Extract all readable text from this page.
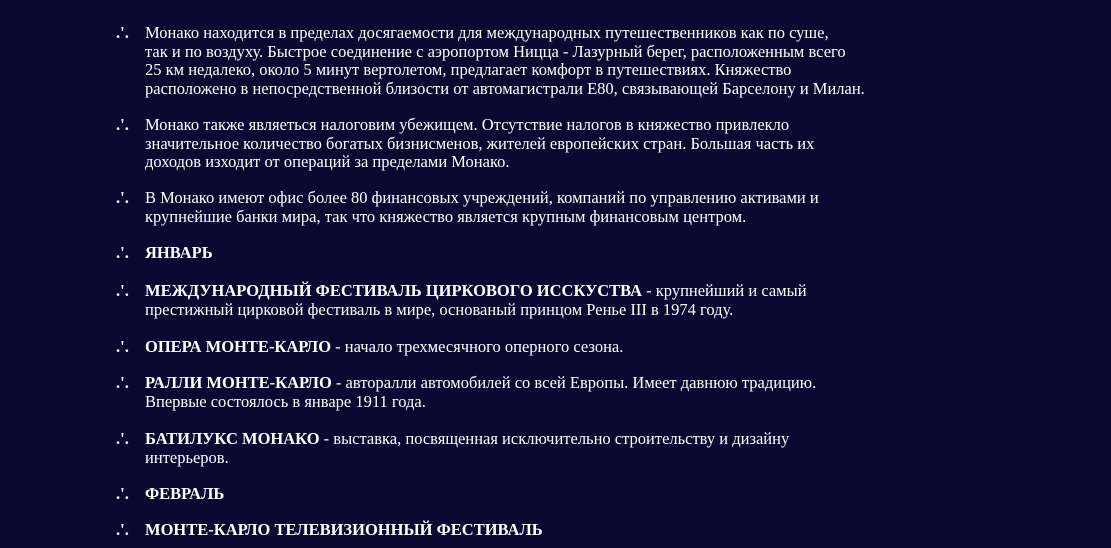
.'. Монако находится в пределах досягаемости для международных путешественников как по суше,
так и по воздуху. Быстрое соединение с аэропортом Ницца - Лазурный берег, расположенным всего
25 км недалеко, около 5 минут вертолетом, предлагает комфорт в путешествиях. Княжество
расположено в непосредственной близости от автомагистрали E80, связывающей Барселону и Милан.
.'. Монако также являеться налоговим убежищем. Отсутствие налогов в княжество привлекло
значительное количество богатых бизнисменов, жителей европейских стран. Большая часть их
доходов изходит от операций за пределами Монако.
.'. В Монако имеют офис более 80 финансовых учреждений, компаний по управлению активами и
крупнейшие банки мира, так что княжество является крупным финансовым центром.
.'. ЯНВАРЬ
.'. МЕЖДУНАРОДНЫЙ ФЕСТИВАЛЬ ЦИРКОВОГО ИССКУСТВА - крупнейший и самый
престижный цирковой фестиваль в мире, основаный принцом Ренье III в 1974 году.
.'. ОПЕРА МОНТЕ-КАРЛО - начало трехмесячного оперного сезона.
.'. РАЛЛИ МОНТЕ-КАРЛО - авторалли автомобилей со всей Европы. Имеет давнюю традицию.
Впервые состоялось в январе 1911 года.
.'. БАТИЛУКС МОНАКО - выставка, посвященная исключительно строительству и дизайну
интерьеров.
.'. ФЕВРАЛЬ
.'. МОНТЕ-КАРЛО ТЕЛЕВИЗИОННЫЙ ФЕСТИВАЛЬ
